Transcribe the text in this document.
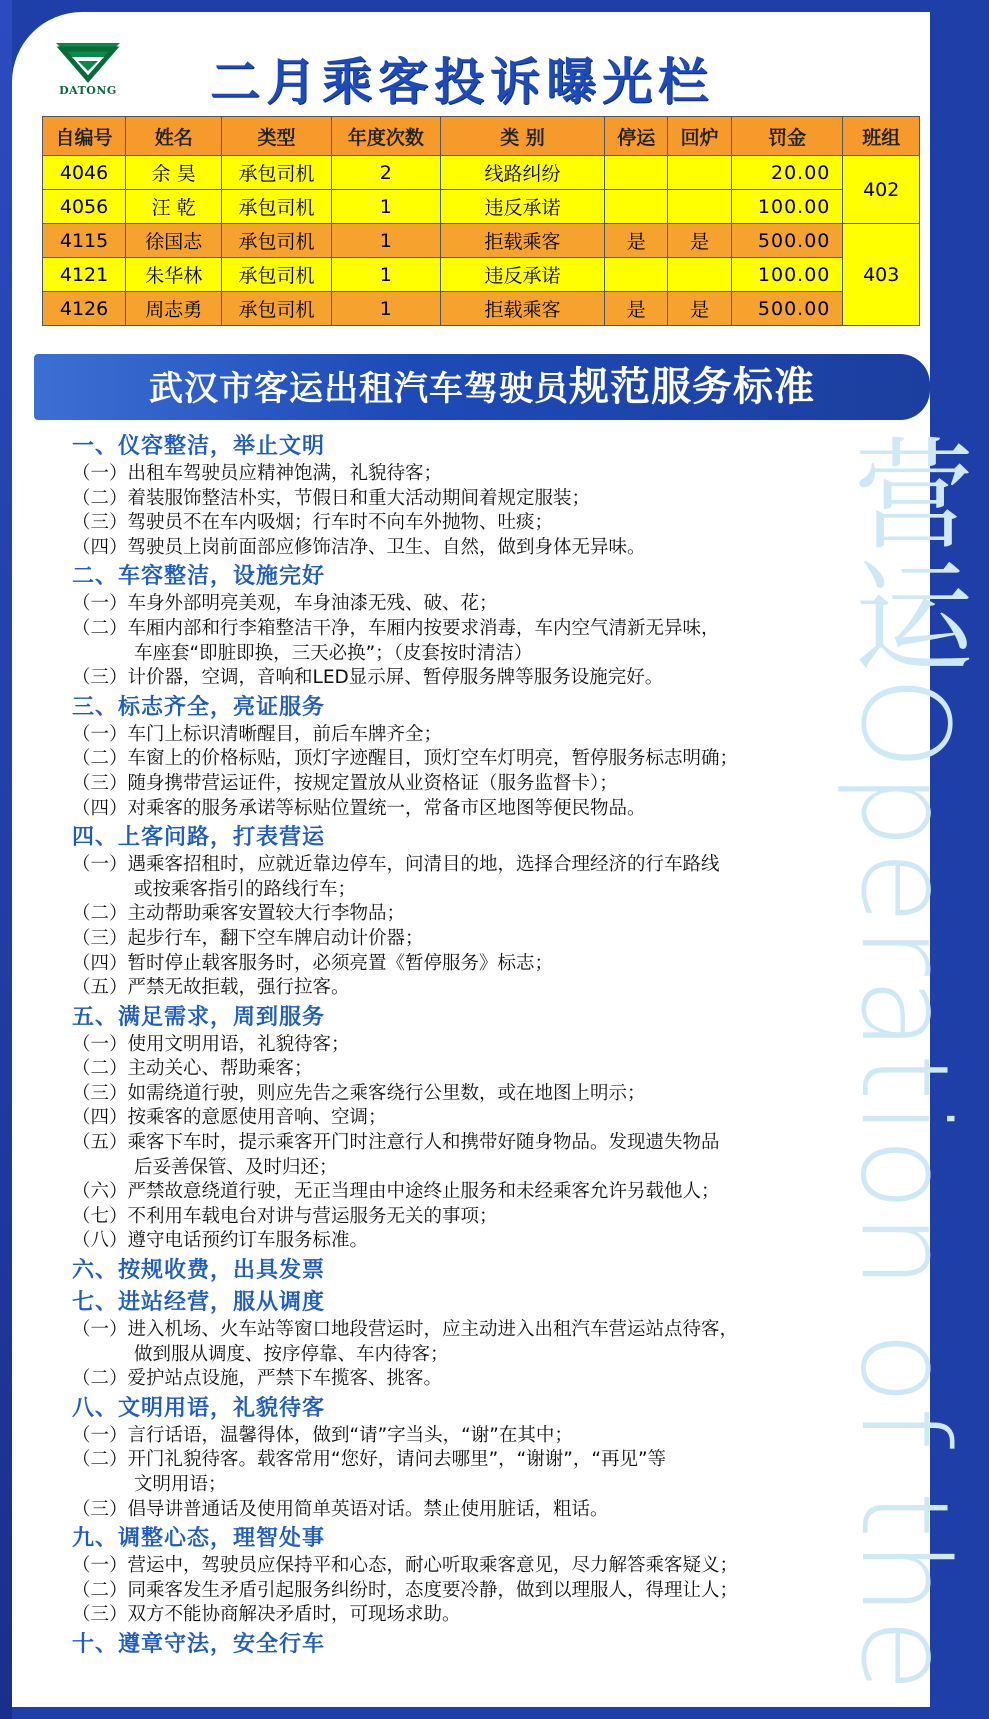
营运Operation of the
DATONG	二月乘客投诉曝光栏
自编号	姓名	类型	年度次数	类 别	停运	回炉	罚金	班组
4046	余 昊	承包司机	2	线路纠纷			20.00	402
4056	汪 乾	承包司机	1	违反承诺			100.00	
4115	徐国志	承包司机	1	拒载乘客	是	是	500.00	403
4121	朱华林	承包司机	1	违反承诺			100.00	
4126	周志勇	承包司机	1	拒载乘客	是	是	500.00	
武汉市客运出租汽车驾驶员规范服务标准
一、仪容整洁，举止文明
（一）出租车驾驶员应精神饱满，礼貌待客；
（二）着装服饰整洁朴实，节假日和重大活动期间着规定服装；
（三）驾驶员不在车内吸烟；行车时不向车外抛物、吐痰；
（四）驾驶员上岗前面部应修饰洁净、卫生、自然，做到身体无异味。
二、车容整洁，设施完好
（一）车身外部明亮美观，车身油漆无残、破、花；
（二）车厢内部和行李箱整洁干净，车厢内按要求消毒，车内空气清新无异味，
车座套“即脏即换，三天必换”；（皮套按时清洁）
（三）计价器，空调，音响和LED显示屏、暂停服务牌等服务设施完好。
三、标志齐全，亮证服务
（一）车门上标识清晰醒目，前后车牌齐全；
（二）车窗上的价格标贴，顶灯字迹醒目，顶灯空车灯明亮，暂停服务标志明确；
（三）随身携带营运证件，按规定置放从业资格证（服务监督卡）；
（四）对乘客的服务承诺等标贴位置统一，常备市区地图等便民物品。
四、上客问路，打表营运
（一）遇乘客招租时，应就近靠边停车，问清目的地，选择合理经济的行车路线
或按乘客指引的路线行车；
（二）主动帮助乘客安置较大行李物品；
（三）起步行车，翻下空车牌启动计价器；
（四）暂时停止载客服务时，必须亮置《暂停服务》标志；
（五）严禁无故拒载，强行拉客。
五、满足需求，周到服务
（一）使用文明用语，礼貌待客；
（二）主动关心、帮助乘客；
（三）如需绕道行驶，则应先告之乘客绕行公里数，或在地图上明示；
（四）按乘客的意愿使用音响、空调；
（五）乘客下车时，提示乘客开门时注意行人和携带好随身物品。发现遗失物品
后妥善保管、及时归还；
（六）严禁故意绕道行驶，无正当理由中途终止服务和未经乘客允许另载他人；
（七）不利用车载电台对讲与营运服务无关的事项；
（八）遵守电话预约订车服务标准。
六、按规收费，出具发票
七、进站经营，服从调度
（一）进入机场、火车站等窗口地段营运时，应主动进入出租汽车营运站点待客，
做到服从调度、按序停靠、车内待客；
（二）爱护站点设施，严禁下车揽客、挑客。
八、文明用语，礼貌待客
（一）言行话语，温馨得体，做到“请”字当头，“谢”在其中；
（二）开门礼貌待客。载客常用“您好，请问去哪里”，“谢谢”，“再见”等
文明用语；
（三）倡导讲普通话及使用简单英语对话。禁止使用脏话，粗话。
九、调整心态，理智处事
（一）营运中，驾驶员应保持平和心态，耐心听取乘客意见，尽力解答乘客疑义；
（二）同乘客发生矛盾引起服务纠纷时，态度要冷静，做到以理服人，得理让人；
（三）双方不能协商解决矛盾时，可现场求助。
十、遵章守法，安全行车
